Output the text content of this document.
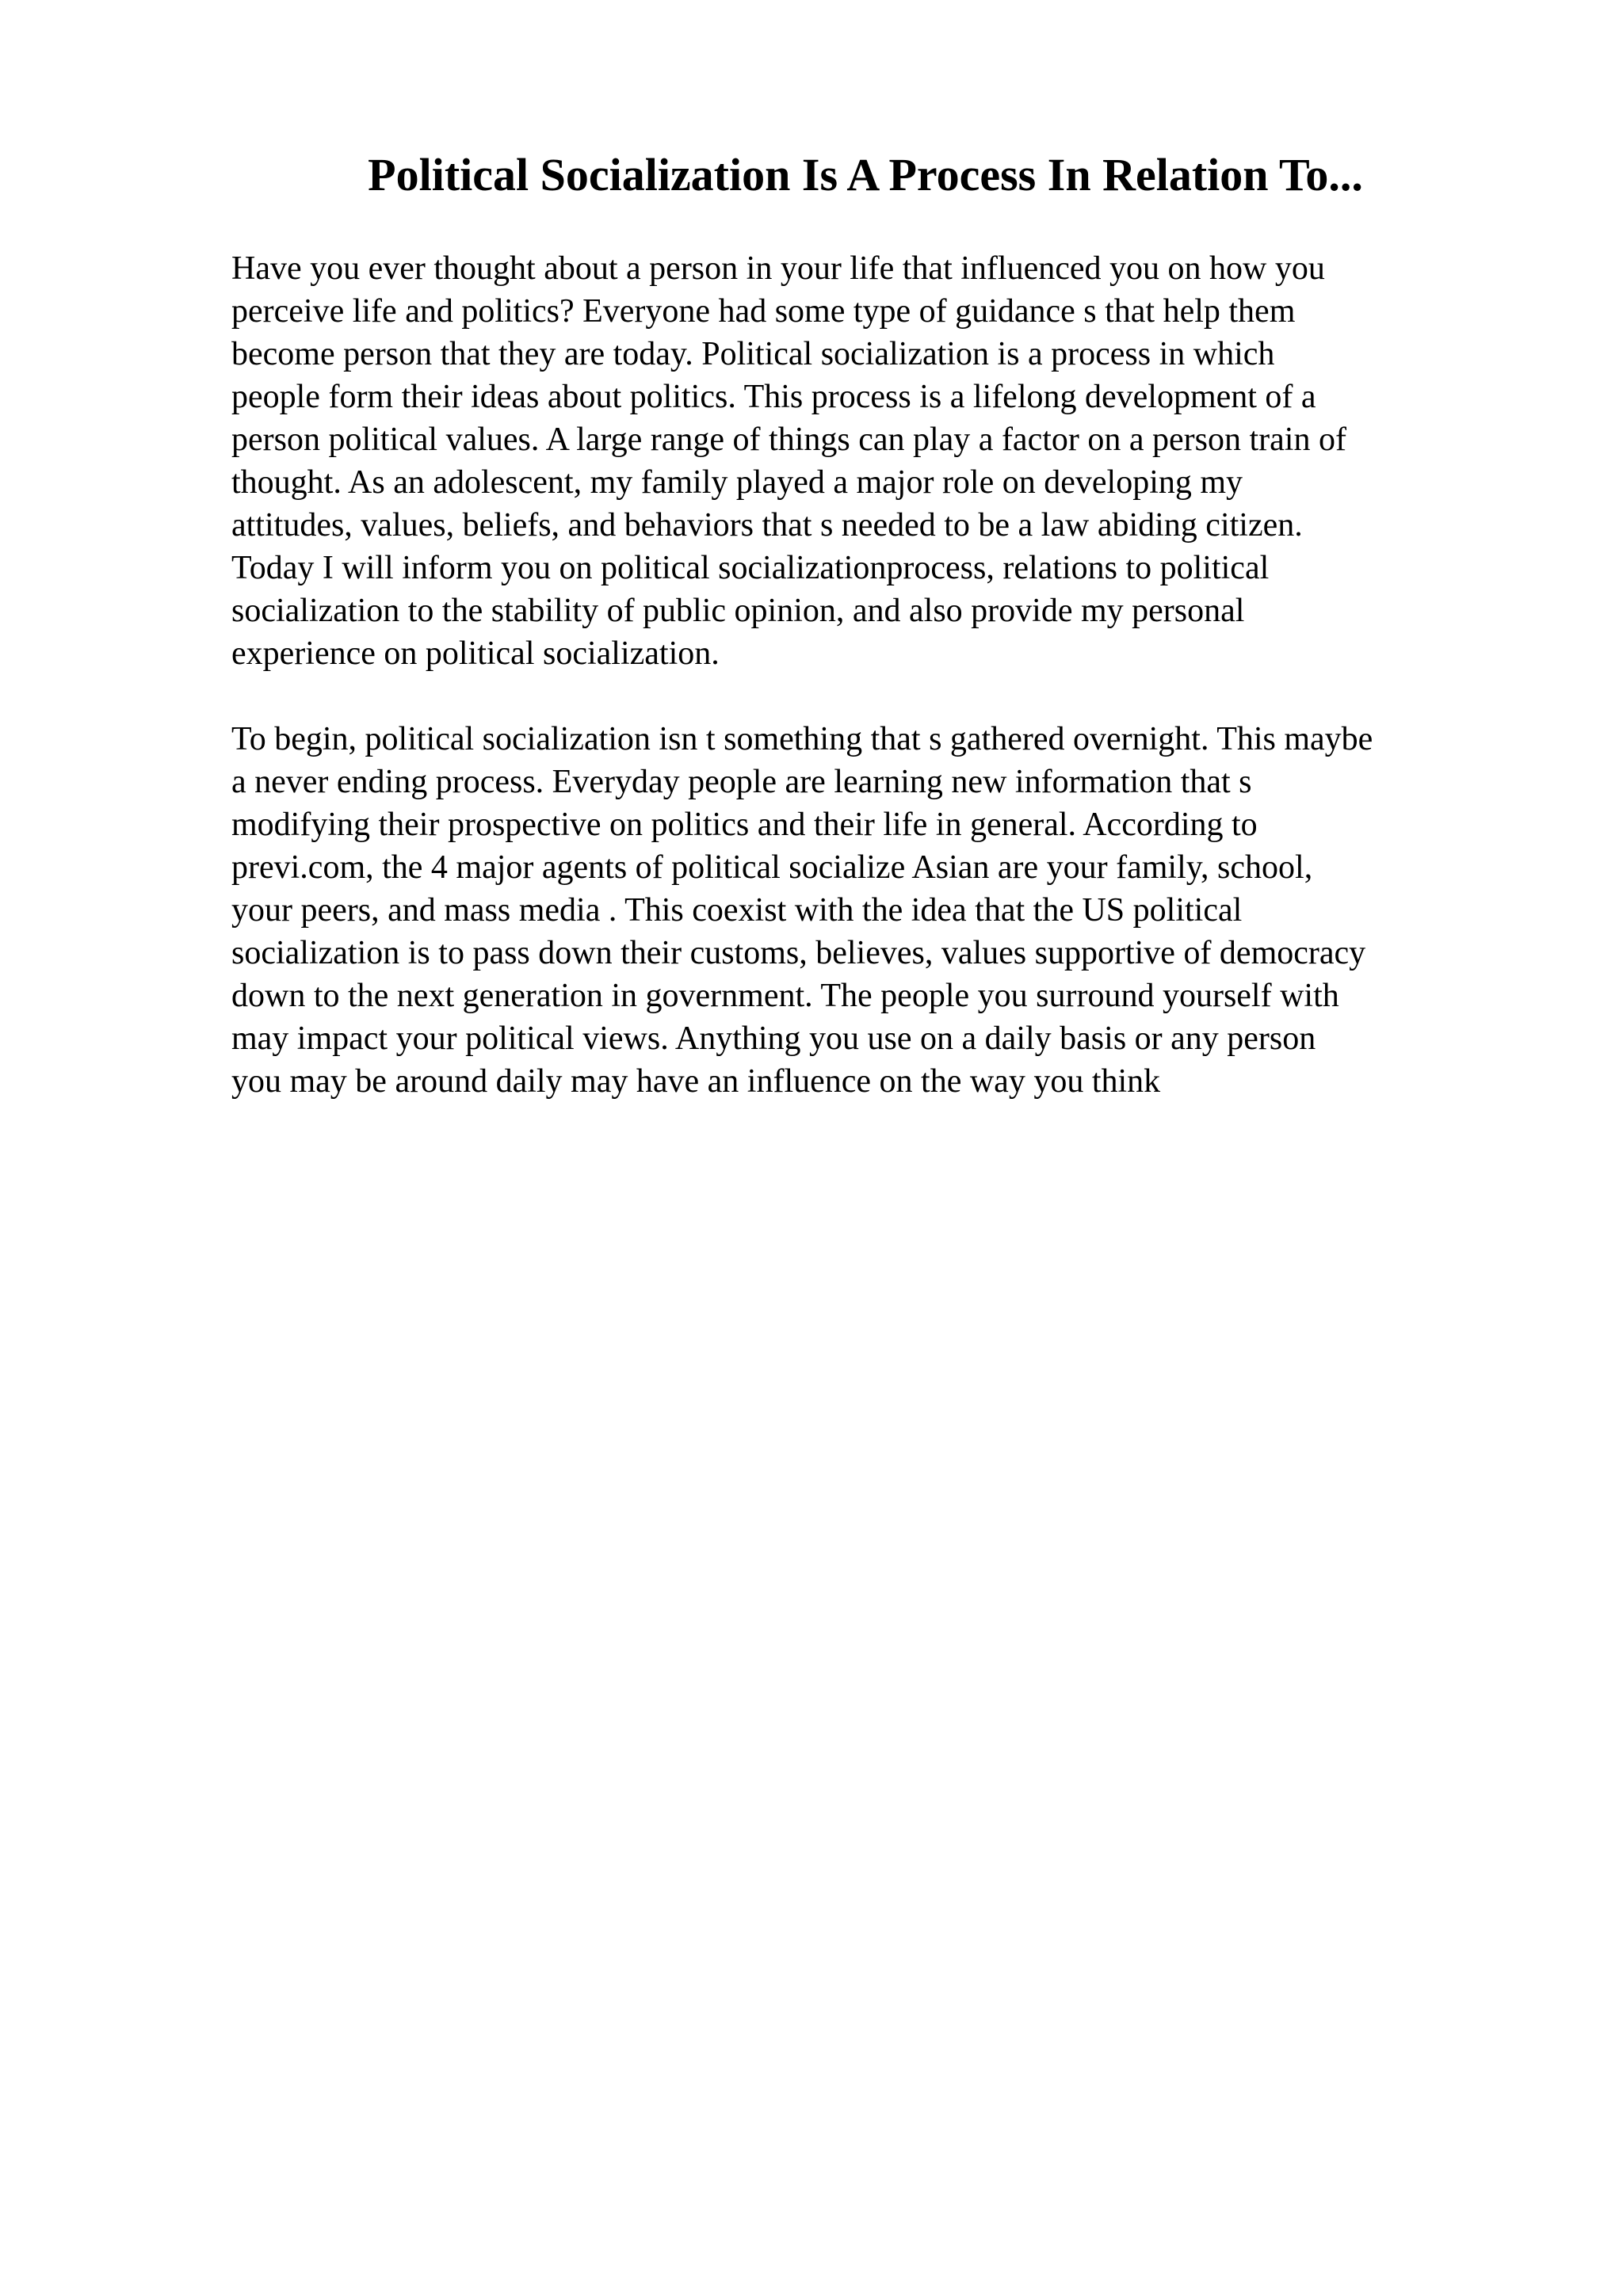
Political Socialization Is A Process In Relation To...
Have you ever thought about a person in your life that influenced you on how you
perceive life and politics? Everyone had some type of guidance s that help them
become person that they are today. Political socialization is a process in which
people form their ideas about politics. This process is a lifelong development of a
person political values. A large range of things can play a factor on a person train of
thought. As an adolescent, my family played a major role on developing my
attitudes, values, beliefs, and behaviors that s needed to be a law abiding citizen.
Today I will inform you on political socializationprocess, relations to political
socialization to the stability of public opinion, and also provide my personal
experience on political socialization.
To begin, political socialization isn t something that s gathered overnight. This maybe
a never ending process. Everyday people are learning new information that s
modifying their prospective on politics and their life in general. According to
previ.com, the 4 major agents of political socialize Asian are your family, school,
your peers, and mass media . This coexist with the idea that the US political
socialization is to pass down their customs, believes, values supportive of democracy
down to the next generation in government. The people you surround yourself with
may impact your political views. Anything you use on a daily basis or any person
you may be around daily may have an influence on the way you think
